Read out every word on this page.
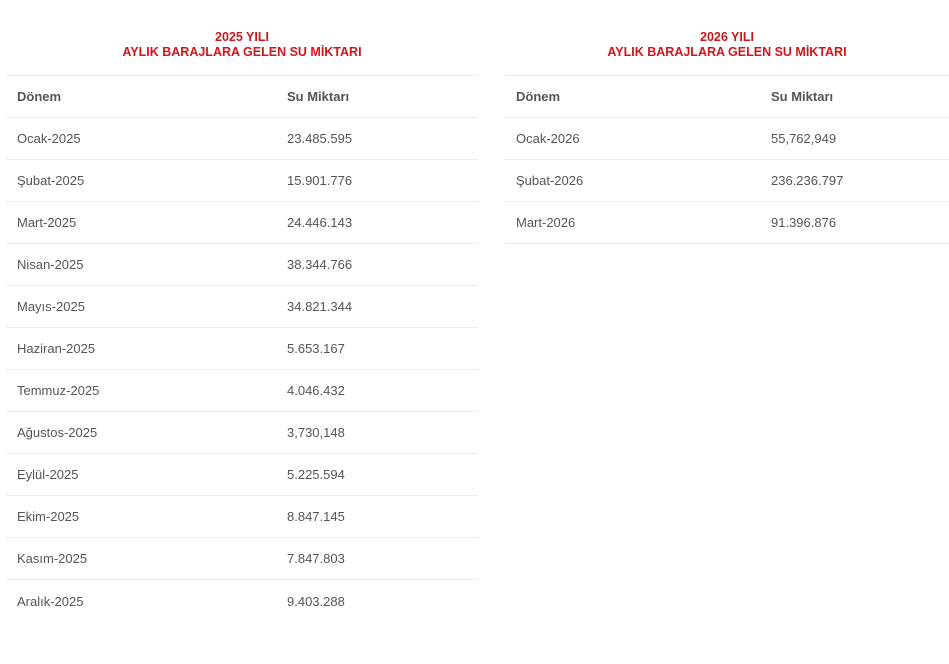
2025 YILI
AYLIK BARAJLARA GELEN SU MİKTARI
Dönem	Su Miktarı
Ocak-2025	23.485.595
Şubat-2025	15.901.776
Mart-2025	24.446.143
Nisan-2025	38.344.766
Mayıs-2025	34.821.344
Haziran-2025	5.653.167
Temmuz-2025	4.046.432
Ağustos-2025	3,730,148
Eylül-2025	5.225.594
Ekim-2025	8.847.145
Kasım-2025	7.847.803
Aralık-2025	9.403.288
2026 YILI
AYLIK BARAJLARA GELEN SU MİKTARI
Dönem	Su Miktarı
Ocak-2026	55,762,949
Şubat-2026	236.236.797
Mart-2026	91.396.876
